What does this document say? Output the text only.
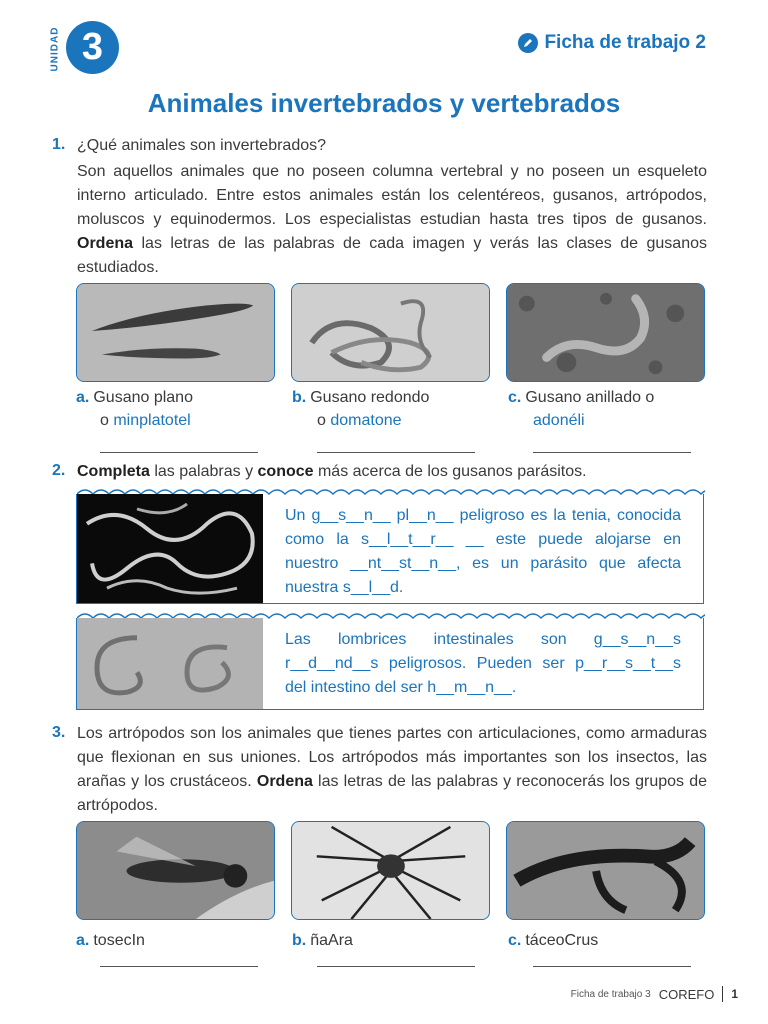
UNIDAD 3	Ficha de trabajo 2
Animales invertebrados y vertebrados
1. ¿Qué animales son invertebrados?
Son aquellos animales que no poseen columna vertebral y no poseen un esqueleto interno articulado. Entre estos animales están los celentéreos, gusanos, artrópodos, moluscos y equinodermos. Los especialistas estudian hasta tres tipos de gusanos. Ordena las letras de las palabras de cada imagen y verás las clases de gusanos estudiados.
a. Gusano plano
o minplatotel
b. Gusano redondo
o domatone
c. Gusano anillado o
adonéli
2. Completa las palabras y conoce más acerca de los gusanos parásitos.
Un g__s__n__ pl__n__ peligroso es la tenia, conocida como la s__l__t__r__ __ este puede alojarse en nuestro __nt__st__n__, es un parásito que afecta nuestra s__l__d.
Las lombrices intestinales son g__s__n__s r__d__nd__s peligrosos. Pueden ser p__r__s__t__s del intestino del ser h__m__n__.
3. Los artrópodos son los animales que tienes partes con articulaciones, como armaduras que flexionan en sus uniones. Los artrópodos más importantes son los insectos, las arañas y los crustáceos. Ordena las letras de las palabras y reconocerás los grupos de artrópodos.
a. tosecIn	b. ñaAra	c. táceoCrus
Ficha de trabajo 3 COREFO 1
